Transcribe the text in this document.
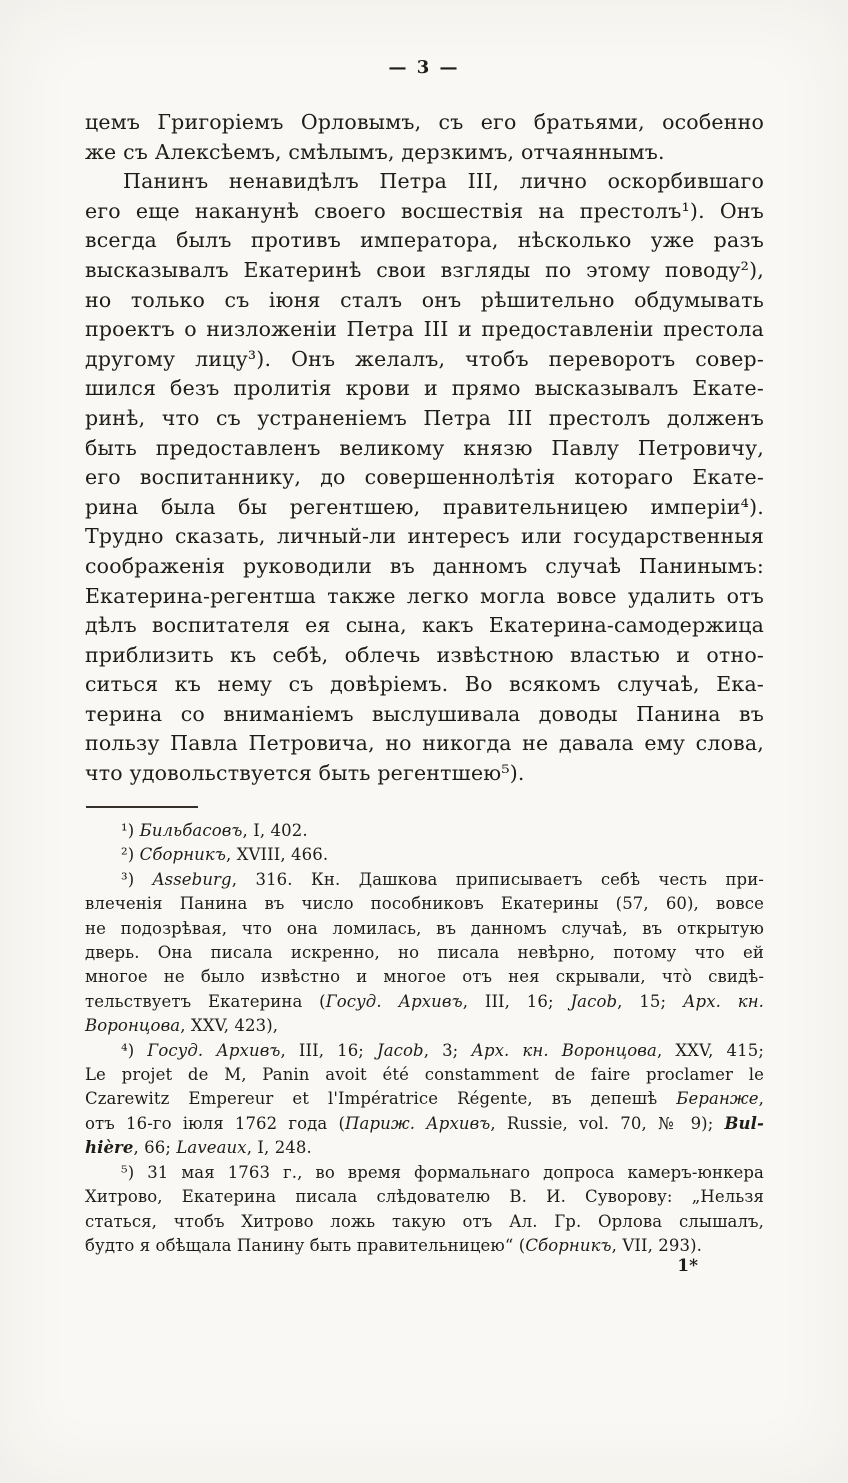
— 3 —
цемъ Григоріемъ Орловымъ, съ его братьями, особенно
же съ Алексѣемъ, смѣлымъ, дерзкимъ, отчаяннымъ.
Панинъ ненавидѣлъ Петра III, лично оскорбившаго
его еще наканунѣ своего восшествія на престолъ¹). Онъ
всегда былъ противъ императора, нѣсколько уже разъ
высказывалъ Екатеринѣ свои взгляды по этому поводу²),
но только съ іюня сталъ онъ рѣшительно обдумывать
проектъ о низложеніи Петра III и предоставленіи престола
другому лицу³). Онъ желалъ, чтобъ переворотъ совер-
шился безъ пролитія крови и прямо высказывалъ Екате-
ринѣ, что съ устраненіемъ Петра III престолъ долженъ
быть предоставленъ великому князю Павлу Петровичу,
его воспитаннику, до совершеннолѣтія котораго Екате-
рина была бы регентшею, правительницею имперіи⁴).
Трудно сказать, личный-ли интересъ или государственныя
соображенія руководили въ данномъ случаѣ Панинымъ:
Екатерина-регентша также легко могла вовсе удалить отъ
дѣлъ воспитателя ея сына, какъ Екатерина-самодержица
приблизить къ себѣ, облечь извѣстною властью и отно-
ситься къ нему съ довѣріемъ. Во всякомъ случаѣ, Ека-
терина со вниманіемъ выслушивала доводы Панина въ
пользу Павла Петровича, но никогда не давала ему слова,
что удовольствуется быть регентшею⁵).
¹) Бильбасовъ, I, 402.
²) Сборникъ, XVIII, 466.
³) Asseburg, 316. Кн. Дашкова приписываетъ себѣ честь при-
влеченія Панина въ число пособниковъ Екатерины (57, 60), вовсе
не подозрѣвая, что она ломилась, въ данномъ случаѣ, въ открытую
дверь. Она писала искренно, но писала невѣрно, потому что ей
многое не было извѣстно и многое отъ нея скрывали, что̀ свидѣ-
тельствуетъ Екатерина (Госуд. Архивъ, III, 16; Jacob, 15; Арх. кн.
Воронцова, XXV, 423),
⁴) Госуд. Архивъ, III, 16; Jacob, 3; Арх. кн. Воронцова, XXV, 415;
Le projet de M, Panin avoit été constamment de faire proclamer le
Czarewitz Empereur et l'Impératrice Régente, въ депешѣ Беранже,
отъ 16-го іюля 1762 года (Париж. Архивъ, Russie, vol. 70, № 9); Bul-
hière, 66; Laveaux, I, 248.
⁵) 31 мая 1763 г., во время формальнаго допроса камеръ-юнкера
Хитрово, Екатерина писала слѣдователю В. И. Суворову: „Нельзя
статься, чтобъ Хитрово ложь такую отъ Ал. Гр. Орлова слышалъ,
будто я обѣщала Панину быть правительницею“ (Сборникъ, VII, 293).
1*
